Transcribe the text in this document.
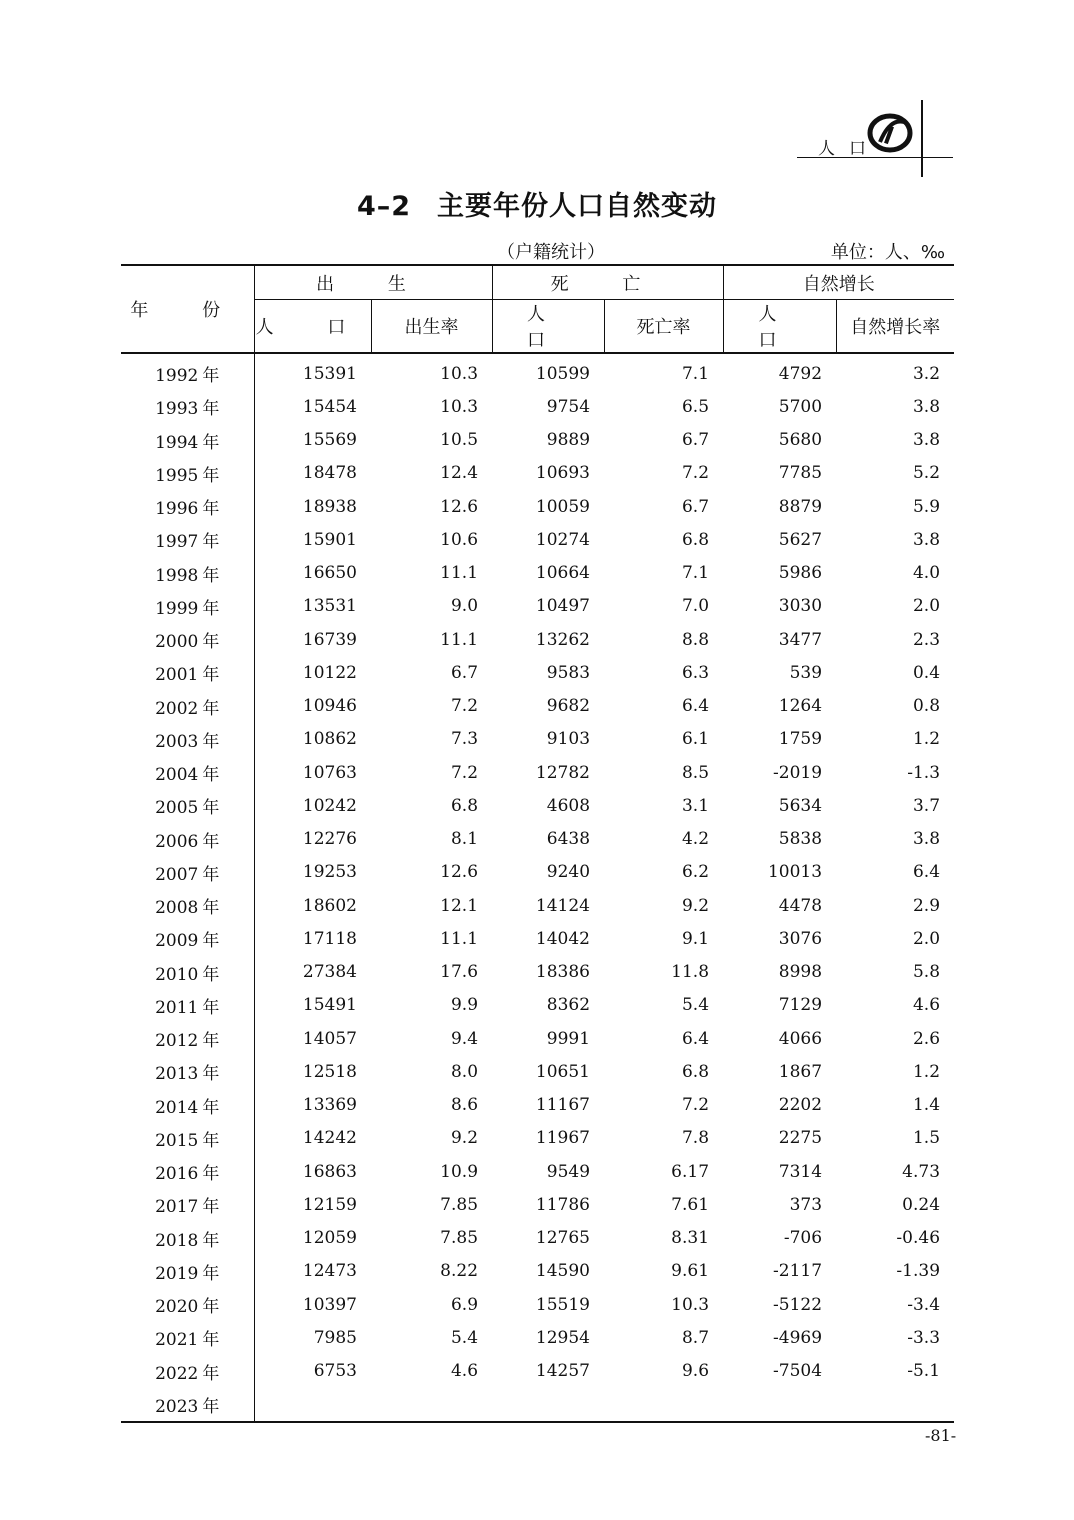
人口
4–2 主要年份人口自然变动
（户籍统计）	单位：人、‰
年 份	出 生		死 亡		自然增长	
	人 口	出生率	人 口	死亡率	人 口	自然增长率
1992 年	15391	10.3	10599	7.1	4792	3.2
1993 年	15454	10.3	9754	6.5	5700	3.8
1994 年	15569	10.5	9889	6.7	5680	3.8
1995 年	18478	12.4	10693	7.2	7785	5.2
1996 年	18938	12.6	10059	6.7	8879	5.9
1997 年	15901	10.6	10274	6.8	5627	3.8
1998 年	16650	11.1	10664	7.1	5986	4.0
1999 年	13531	9.0	10497	7.0	3030	2.0
2000 年	16739	11.1	13262	8.8	3477	2.3
2001 年	10122	6.7	9583	6.3	539	0.4
2002 年	10946	7.2	9682	6.4	1264	0.8
2003 年	10862	7.3	9103	6.1	1759	1.2
2004 年	10763	7.2	12782	8.5	-2019	-1.3
2005 年	10242	6.8	4608	3.1	5634	3.7
2006 年	12276	8.1	6438	4.2	5838	3.8
2007 年	19253	12.6	9240	6.2	10013	6.4
2008 年	18602	12.1	14124	9.2	4478	2.9
2009 年	17118	11.1	14042	9.1	3076	2.0
2010 年	27384	17.6	18386	11.8	8998	5.8
2011 年	15491	9.9	8362	5.4	7129	4.6
2012 年	14057	9.4	9991	6.4	4066	2.6
2013 年	12518	8.0	10651	6.8	1867	1.2
2014 年	13369	8.6	11167	7.2	2202	1.4
2015 年	14242	9.2	11967	7.8	2275	1.5
2016 年	16863	10.9	9549	6.17	7314	4.73
2017 年	12159	7.85	11786	7.61	373	0.24
2018 年	12059	7.85	12765	8.31	-706	-0.46
2019 年	12473	8.22	14590	9.61	-2117	-1.39
2020 年	10397	6.9	15519	10.3	-5122	-3.4
2021 年	7985	5.4	12954	8.7	-4969	-3.3
2022 年	6753	4.6	14257	9.6	-7504	-5.1
2023 年						
-81-
